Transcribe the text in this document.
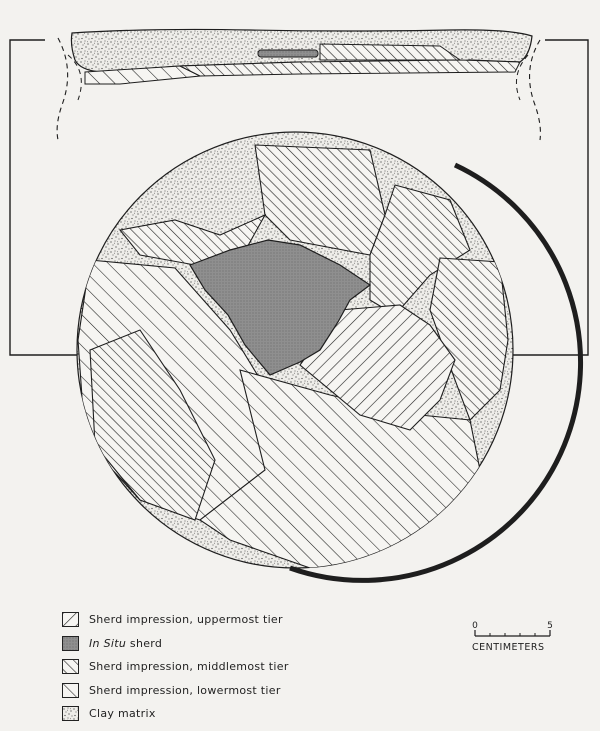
Sherd impression, uppermost tier
In Situ sherd
Sherd impression, middlemost tier
Sherd impression, lowermost tier
Clay matrix
0	5
CENTIMETERS
